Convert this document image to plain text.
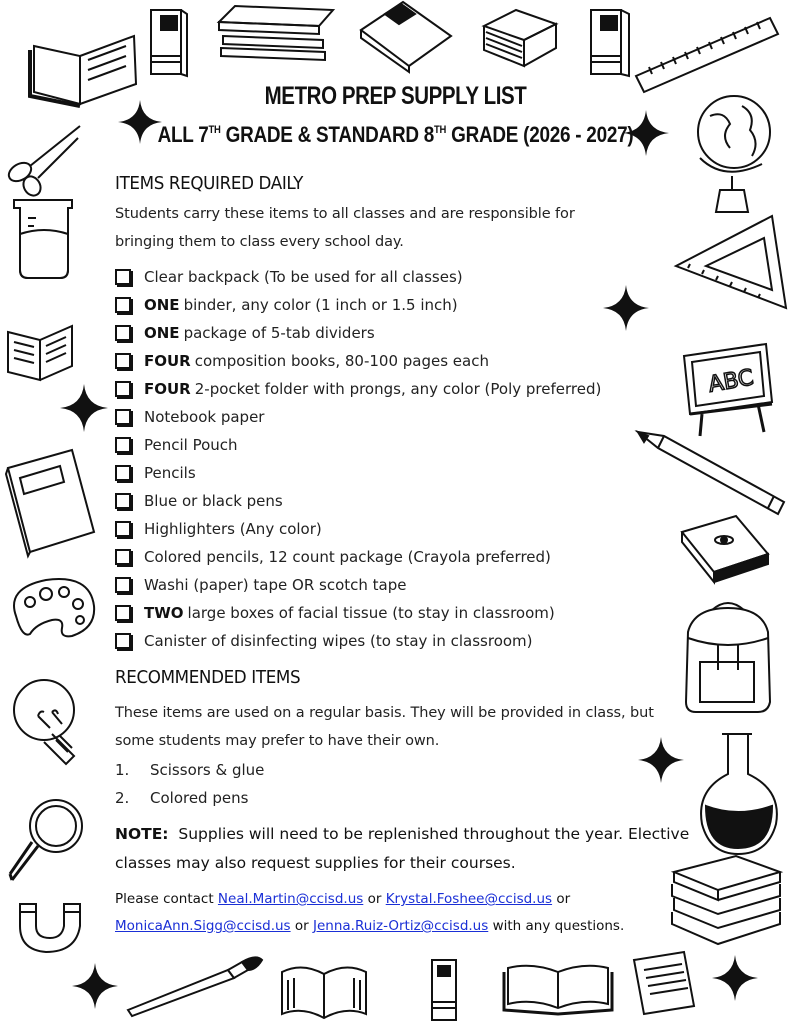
ABC
METRO PREP SUPPLY LIST
ALL 7TH GRADE & STANDARD 8TH GRADE (2026 - 2027)
ITEMS REQUIRED DAILY
Students carry these items to all classes and are responsible for bringing them to class every school day.
Clear backpack (To be used for all classes)
ONE binder, any color (1 inch or 1.5 inch)
ONE package of 5-tab dividers
FOUR composition books, 80-100 pages each
FOUR 2-pocket folder with prongs, any color (Poly preferred)
Notebook paper
Pencil Pouch
Pencils
Blue or black pens
Highlighters (Any color)
Colored pencils, 12 count package (Crayola preferred)
Washi (paper) tape OR scotch tape
TWO large boxes of facial tissue (to stay in classroom)
Canister of disinfecting wipes (to stay in classroom)
RECOMMENDED ITEMS
These items are used on a regular basis. They will be provided in class, but some students may prefer to have their own.
1.	Scissors & glue
2.	Colored pens
NOTE: Supplies will need to be replenished throughout the year. Elective classes may also request supplies for their courses.
Please contact Neal.Martin@ccisd.us or Krystal.Foshee@ccisd.us or
MonicaAnn.Sigg@ccisd.us or Jenna.Ruiz-Ortiz@ccisd.us with any questions.
